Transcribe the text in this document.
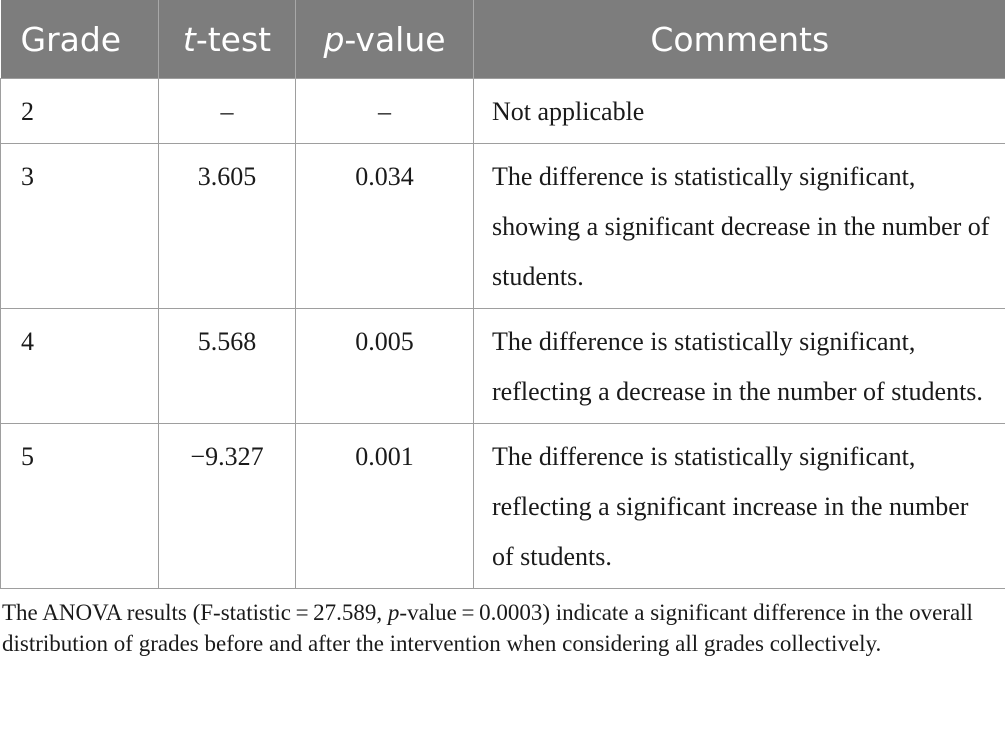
Grade	t-test	p-value	Comments
2	–	–	Not applicable
3	3.605	0.034	The difference is statistically significant, showing a significant decrease in the number of students.
4	5.568	0.005	The difference is statistically significant, reflecting a decrease in the number of students.
5	−9.327	0.001	The difference is statistically significant, reflecting a significant increase in the number of students.

The ANOVA results (F-statistic = 27.589, p-value = 0.0003) indicate a significant difference in the overall distribution of grades before and after the intervention when considering all grades collectively.
